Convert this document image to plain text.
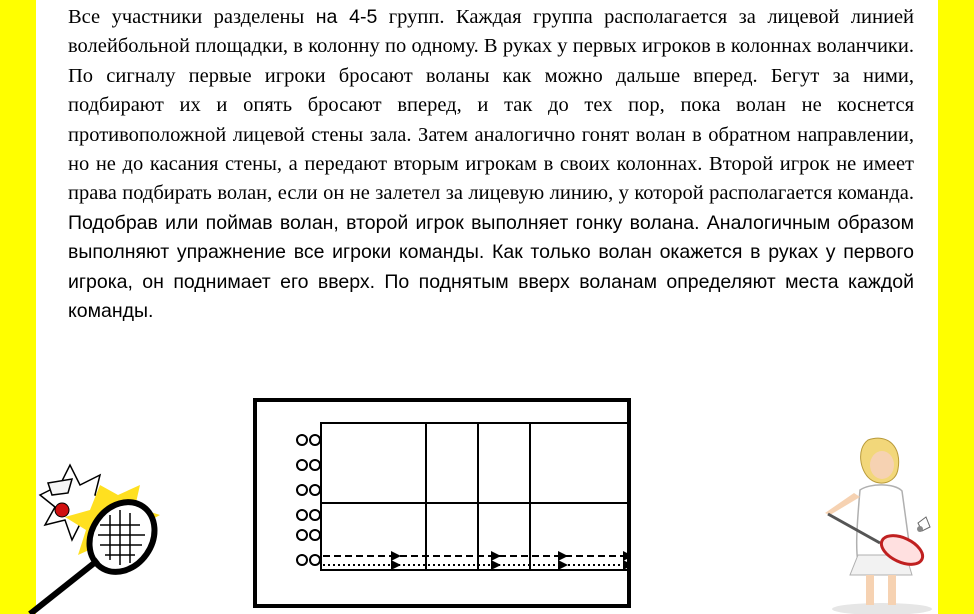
Все участники разделены на 4-5 групп. Каждая группа располагается за лицевой линией волейбольной площадки, в колонну по одному. В руках у первых игроков в колоннах воланчики. По сигналу первые игроки бросают воланы как можно дальше вперед. Бегут за ними, подбирают их и опять бросают вперед, и так до тех пор, пока волан не коснется противоположной лицевой стены зала. Затем аналогично гонят волан в обратном направлении, но не до касания стены, а передают вторым игрокам в своих колоннах. Второй игрок не имеет права подбирать волан, если он не залетел за лицевую линию, у которой располагается команда. Подобрав или поймав волан, второй игрок выполняет гонку волана. Аналогичным образом выполняют упражнение все игроки команды. Как только волан окажется в руках у первого игрока, он поднимает его вверх. По поднятым вверх воланам определяют места каждой команды.
